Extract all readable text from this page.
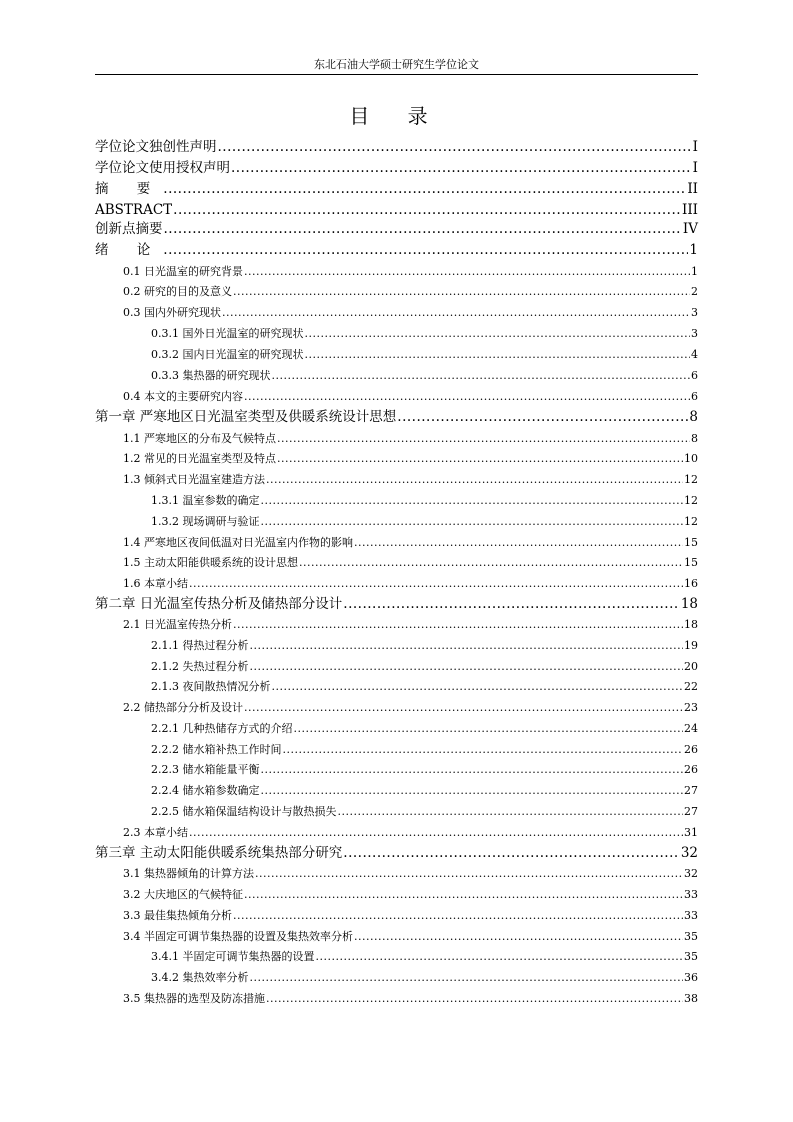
东北石油大学硕士研究生学位论文
目 录
学位论文独创性声明 .....	I
学位论文使用授权声明 .....	I
摘 要 .....	II
ABSTRACT .....	III
创新点摘要 .....	IV
绪 论 .....	1
0.1 日光温室的研究背景 .....	1
0.2 研究的目的及意义 .....	2
0.3 国内外研究现状 .....	3
0.3.1 国外日光温室的研究现状 .....	3
0.3.2 国内日光温室的研究现状 .....	4
0.3.3 集热器的研究现状 .....	6
0.4 本文的主要研究内容 .....	6
第一章 严寒地区日光温室类型及供暖系统设计思想 .....	8
1.1 严寒地区的分布及气候特点 .....	8
1.2 常见的日光温室类型及特点 .....	10
1.3 倾斜式日光温室建造方法 .....	12
1.3.1 温室参数的确定 .....	12
1.3.2 现场调研与验证 .....	12
1.4 严寒地区夜间低温对日光温室内作物的影响 .....	15
1.5 主动太阳能供暖系统的设计思想 .....	15
1.6 本章小结 .....	16
第二章 日光温室传热分析及储热部分设计 .....	18
2.1 日光温室传热分析 .....	18
2.1.1 得热过程分析 .....	19
2.1.2 失热过程分析 .....	20
2.1.3 夜间散热情况分析 .....	22
2.2 储热部分分析及设计 .....	23
2.2.1 几种热储存方式的介绍 .....	24
2.2.2 储水箱补热工作时间 .....	26
2.2.3 储水箱能量平衡 .....	26
2.2.4 储水箱参数确定 .....	27
2.2.5 储水箱保温结构设计与散热损失 .....	27
2.3 本章小结 .....	31
第三章 主动太阳能供暖系统集热部分研究 .....	32
3.1 集热器倾角的计算方法 .....	32
3.2 大庆地区的气候特征 .....	33
3.3 最佳集热倾角分析 .....	33
3.4 半固定可调节集热器的设置及集热效率分析 .....	35
3.4.1 半固定可调节集热器的设置 .....	35
3.4.2 集热效率分析 .....	36
3.5 集热器的选型及防冻措施 .....	38
